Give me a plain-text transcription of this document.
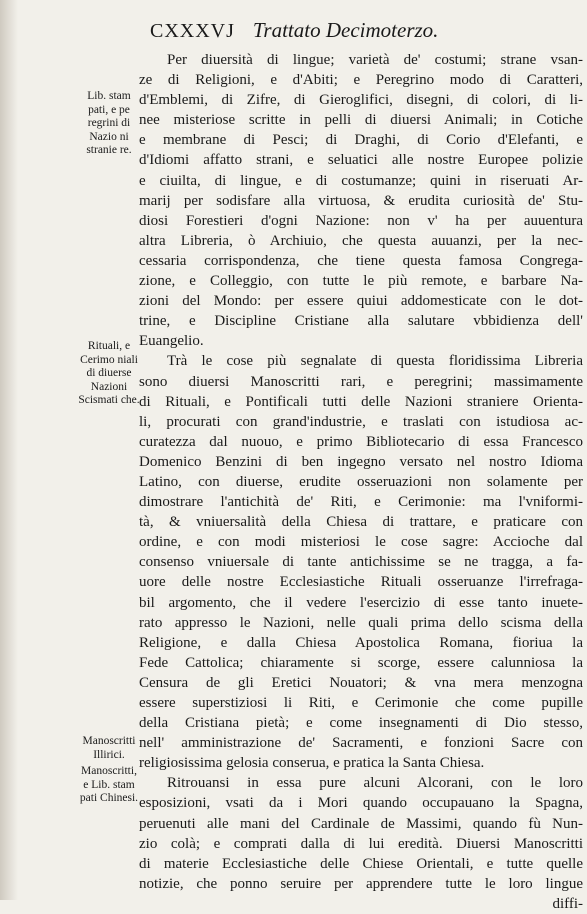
CXXXVJ Trattato Decimoterzo.
Lib. stam pati, e pe regrini di Nazio ni stranie re.
Rituali, e Cerimo niali di diuerse Nazioni Scismati che.
Manoscritti Illirici.
Manoscritti, e Lib. stam pati Chinesi.
Per diuersità di lingue; varietà de' costumi; strane vsan-
ze di Religioni, e d'Abiti; e Peregrino modo di Caratteri,
d'Emblemi, di Zifre, di Gieroglifici, disegni, di colori, di li-
nee misteriose scritte in pelli di diuersi Animali; in Cotiche
e membrane di Pesci; di Draghi, di Corio d'Elefanti, e
d'Idiomi affatto strani, e seluatici alle nostre Europee polizie
e ciuilta, di lingue, e di costumanze; quini in riseruati Ar-
marij per sodisfare alla virtuosa, & erudita curiosità de' Stu-
diosi Forestieri d'ogni Nazione: non v' ha per auuentura
altra Libreria, ò Archiuio, che questa auuanzi, per la nec-
cessaria corrispondenza, che tiene questa famosa Congrega-
zione, e Colleggio, con tutte le più remote, e barbare Na-
zioni del Mondo: per essere quiui addomesticate con le dot-
trine, e Discipline Cristiane alla salutare vbbidienza dell'
Euangelio.
Trà le cose più segnalate di questa floridissima Libreria
sono diuersi Manoscritti rari, e peregrini; massimamente
di Rituali, e Pontificali tutti delle Nazioni straniere Orienta-
li, procurati con grand'industrie, e traslati con istudiosa ac-
curatezza dal nuouo, e primo Bibliotecario di essa Francesco
Domenico Benzini di ben ingegno versato nel nostro Idioma
Latino, con diuerse, erudite osseruazioni non solamente per
dimostrare l'antichità de' Riti, e Cerimonie: ma l'vniformi-
tà, & vniuersalità della Chiesa di trattare, e praticare con
ordine, e con modi misteriosi le cose sagre: Accioche dal
consenso vniuersale di tante antichissime se ne tragga, a fa-
uore delle nostre Ecclesiastiche Rituali osseruanze l'irrefraga-
bil argomento, che il vedere l'esercizio di esse tanto inuete-
rato appresso le Nazioni, nelle quali prima dello scisma della
Religione, e dalla Chiesa Apostolica Romana, fioriua la
Fede Cattolica; chiaramente si scorge, essere calunniosa la
Censura de gli Eretici Nouatori; & vna mera menzogna
essere superstiziosi li Riti, e Cerimonie che come pupille
della Cristiana pietà; e come insegnamenti di Dio stesso,
nell' amministrazione de' Sacramenti, e fonzioni Sacre con
religiosissima gelosia conserua, e pratica la Santa Chiesa.
Ritrouansi in essa pure alcuni Alcorani, con le loro
esposizioni, vsati da i Mori quando occupauano la Spagna,
peruenuti alle mani del Cardinale de Massimi, quando fù Nun-
zio colà; e comprati dalla di lui eredità. Diuersi Manoscritti
di materie Ecclesiastiche delle Chiese Orientali, e tutte quelle
notizie, che ponno seruire per apprendere tutte le loro lingue
diffi-
